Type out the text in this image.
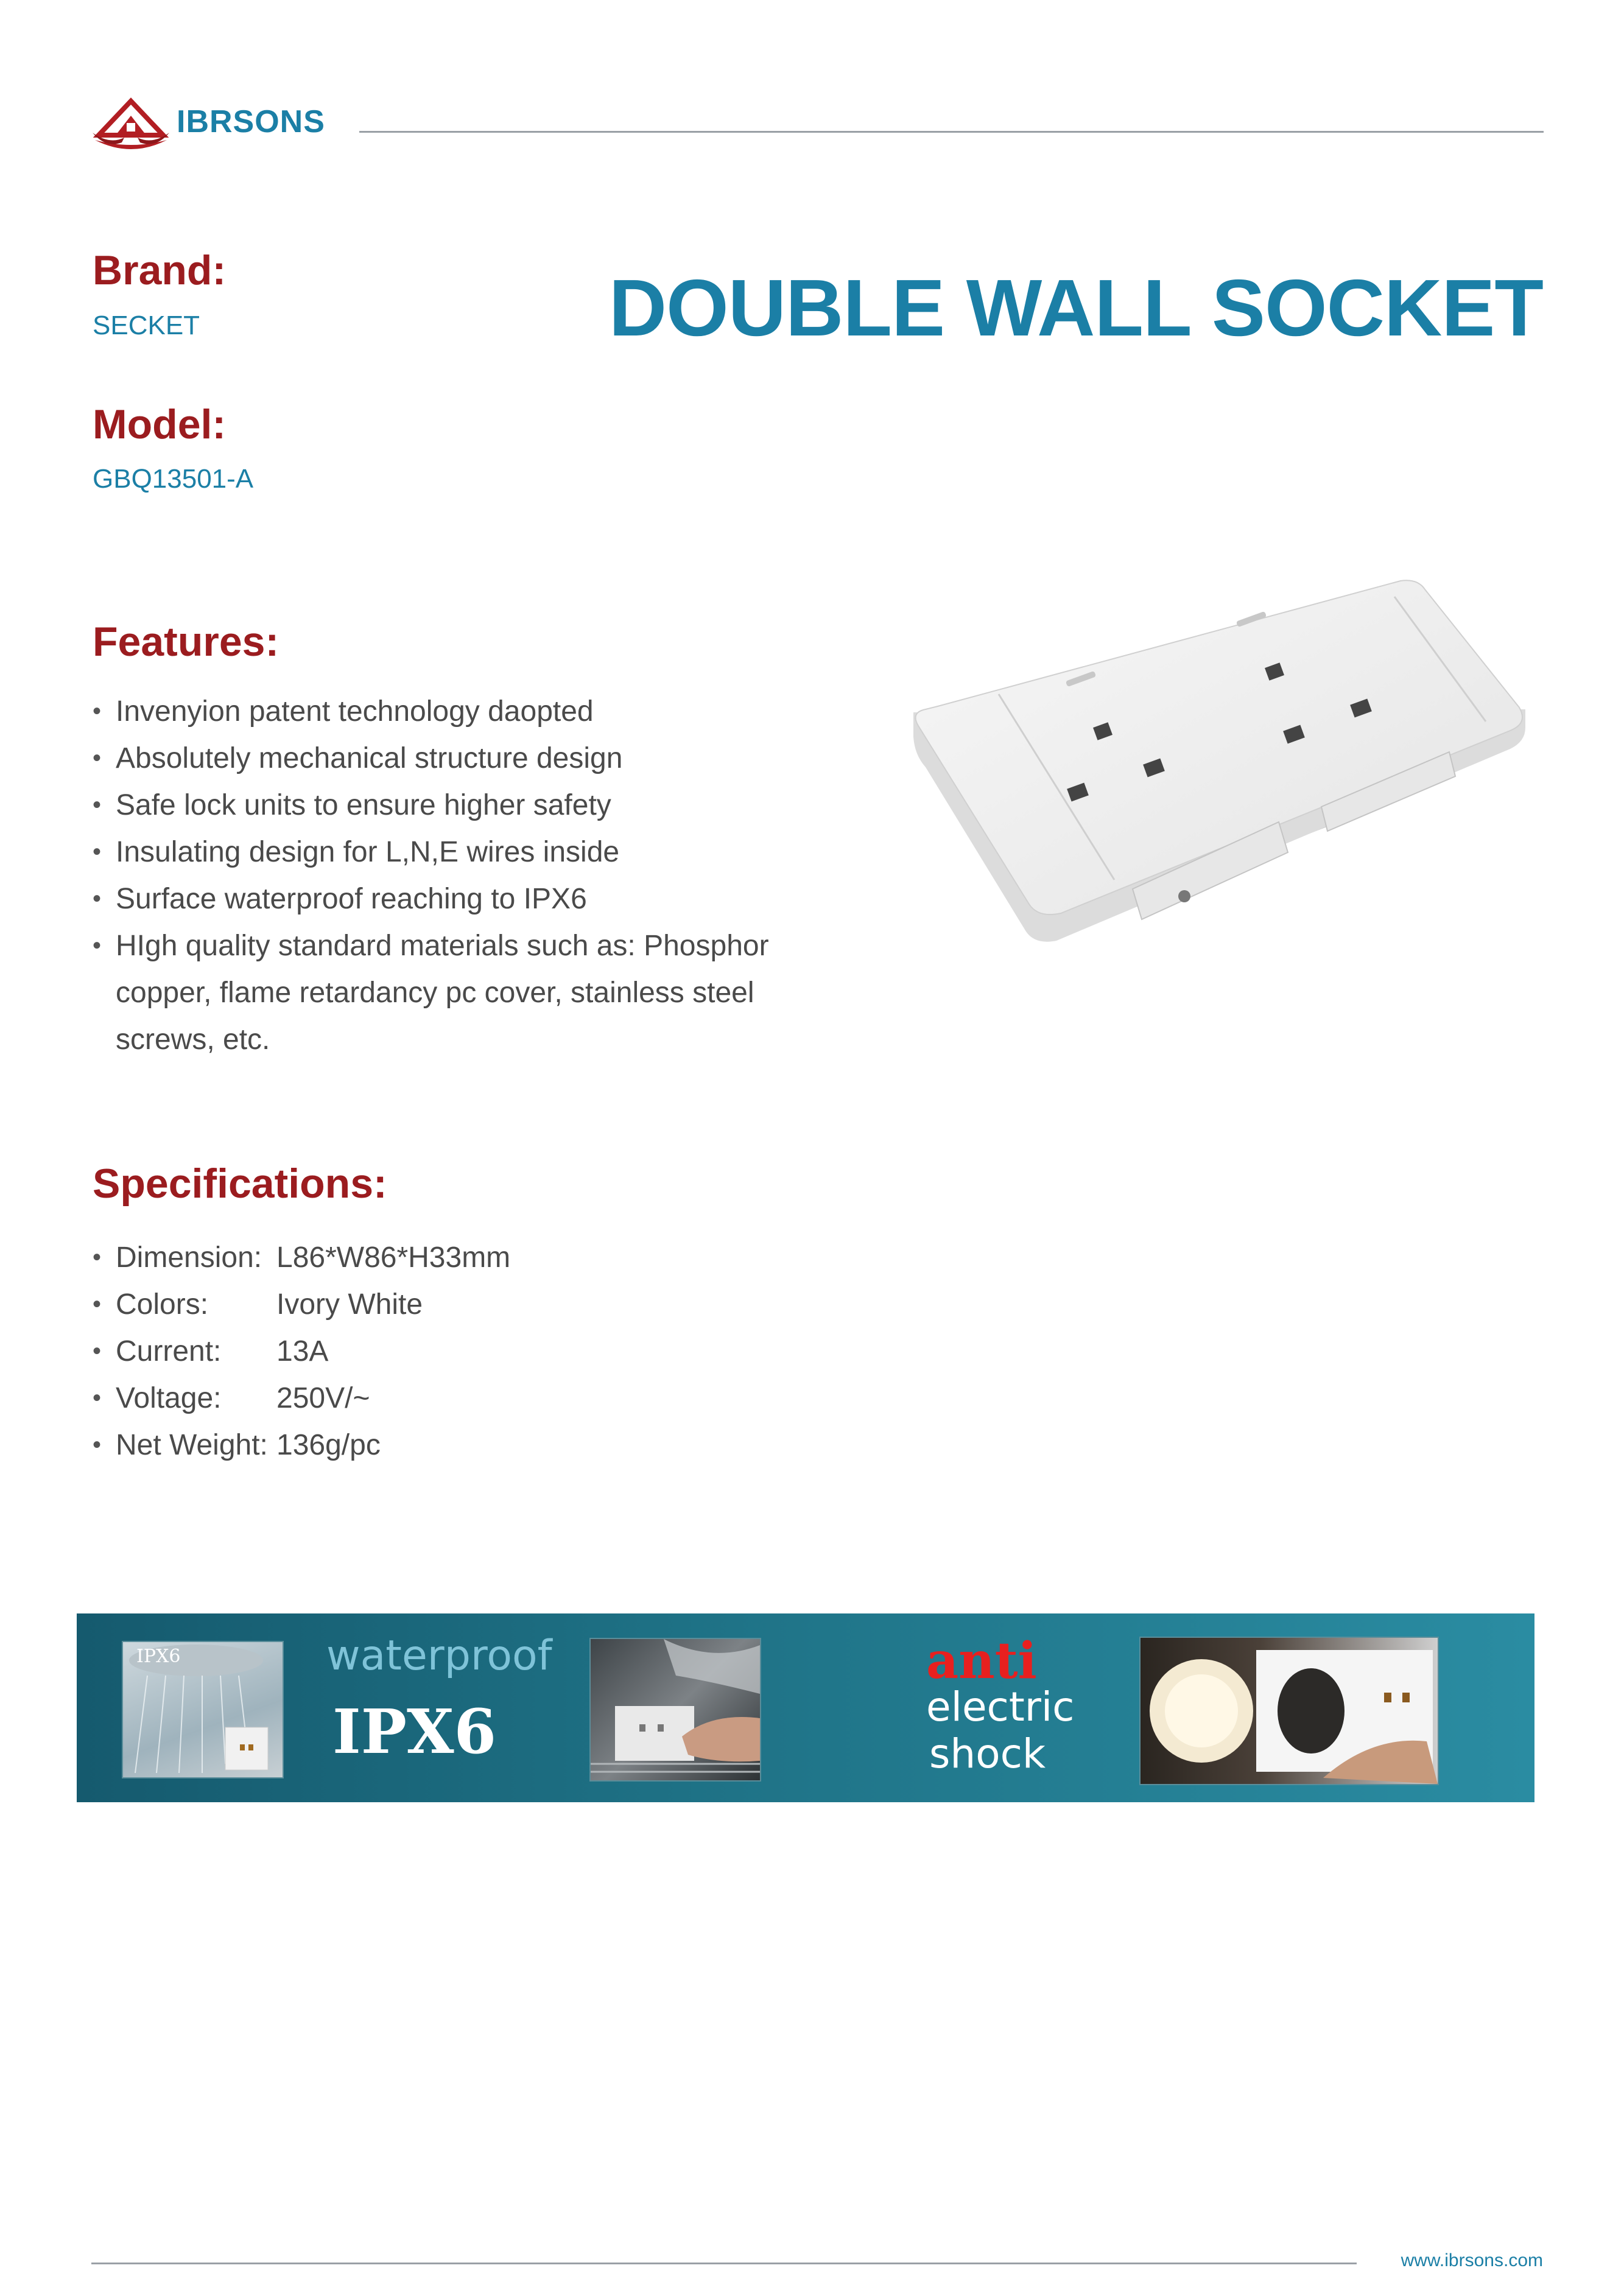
IBRSONS
Brand:
SECKET	DOUBLE WALL SOCKET
Model:
GBQ13501-A
Features:
• Invenyion patent technology daopted
• Absolutely mechanical structure design
• Safe lock units to ensure higher safety
• Insulating design for L,N,E wires inside
• Surface waterproof reaching to IPX6
• HIgh quality standard materials such as: Phosphor copper, flame retardancy pc cover, stainless steel screws, etc.
Specifications:
• Dimension: L86*W86*H33mm
• Colors: Ivory White
• Current: 13A
• Voltage: 250V/~
• Net Weight: 136g/pc
IPX6	waterproof
IPX6
anti
electric
shock
www.ibrsons.com
